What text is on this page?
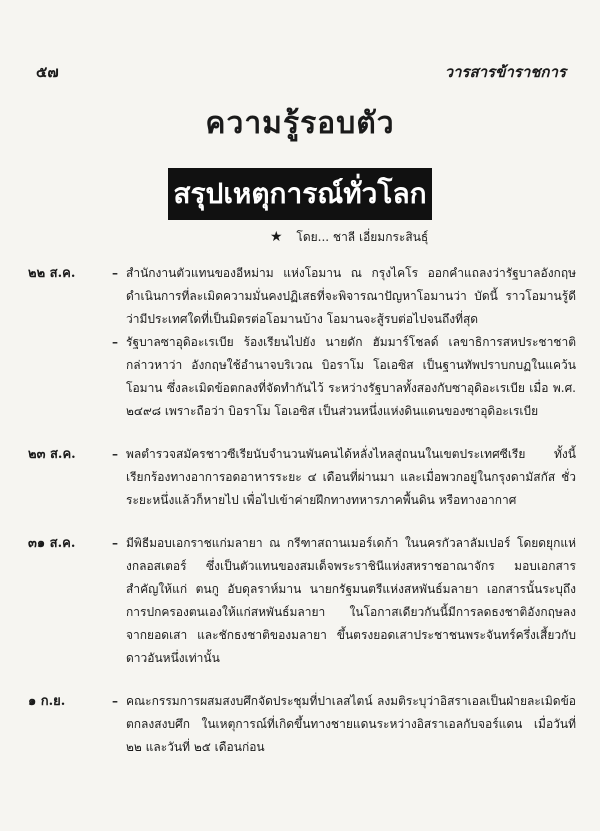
๕๗	วารสารข้าราชการ
ความรู้รอบตัว
สรุปเหตุการณ์ทั่วโลก
★ โดย... ชาลี เอี่ยมกระสินธุ์
๒๒ ส.ค.	– สำนักงานตัวแทนของอีหม่าม แห่งโอมาน ณ กรุงไคโร ออกคำแถลงว่ารัฐบาลอังกฤษดำเนินการที่ละเมิดความมั่นคงปฏิเสธที่จะพิจารณาปัญหาโอมานว่า บัดนี้ ราวโอมานรู้ดีว่ามีประเทศใดที่เป็นมิตรต่อโอมานบ้าง โอมานจะสู้รบต่อไปจนถึงที่สุด
– รัฐบาลซาอุดิอะเรเบีย ร้องเรียนไปยัง นายดัก ฮัมมาร์โชลด์ เลขาธิการสหประชาชาติกล่าวหาว่า อังกฤษใช้อำนาจบริเวณ บิอราโม โอเอซิส เป็นฐานทัพปราบกบฏในแคว้นโอมาน ซึ่งละเมิดข้อตกลงที่จัดทำกันไว้ ระหว่างรัฐบาลทั้งสองกับซาอุดิอะเรเบีย เมื่อ พ.ศ. ๒๔๙๘ เพราะถือว่า บิอราโม โอเอซิส เป็นส่วนหนึ่งแห่งดินแดนของซาอุดิอะเรเบีย
๒๓ ส.ค.	– พลตำรวจสมัครชาวซีเรียนับจำนวนพันคนได้หลั่งไหลสู่ถนนในเขตประเทศซีเรีย ทั้งนี้เรียกร้องทางอาการอดอาหารระยะ ๔ เดือนที่ผ่านมา และเมื่อพวกอยู่ในกรุงดามัสกัส ชั่วระยะหนึ่งแล้วก็หายไป เพื่อไปเข้าค่ายฝึกทางทหารภาคพื้นดิน หรือทางอากาศ
๓๑ ส.ค.	– มีพิธีมอบเอกราชแก่มลายา ณ กรีฑาสถานเมอร์เดก้า ในนครกัวลาลัมเปอร์ โดยดยุกแห่งกลอสเตอร์ ซึ่งเป็นตัวแทนของสมเด็จพระราชินีแห่งสหราชอาณาจักร มอบเอกสารสำคัญให้แก่ ตนกู อับดุลราห์มาน นายกรัฐมนตรีแห่งสหพันธ์มลายา เอกสารนั้นระบุถึงการปกครองตนเองให้แก่สหพันธ์มลายา ในโอกาสเดียวกันนี้มีการลดธงชาติอังกฤษลงจากยอดเสา และชักธงชาติของมลายา ขึ้นตรงยอดเสาประชาชนพระจันทร์ครึ่งเสี้ยวกับดาวอันหนึ่งเท่านั้น
๑ ก.ย.	– คณะกรรมการผสมสงบศึกจัดประชุมที่ปาเลสไตน์ ลงมติระบุว่าอิสราเอลเป็นฝ่ายละเมิดข้อตกลงสงบศึก ในเหตุการณ์ที่เกิดขึ้นทางชายแดนระหว่างอิสราเอลกับจอร์แดน เมื่อวันที่ ๒๒ และวันที่ ๒๕ เดือนก่อน
